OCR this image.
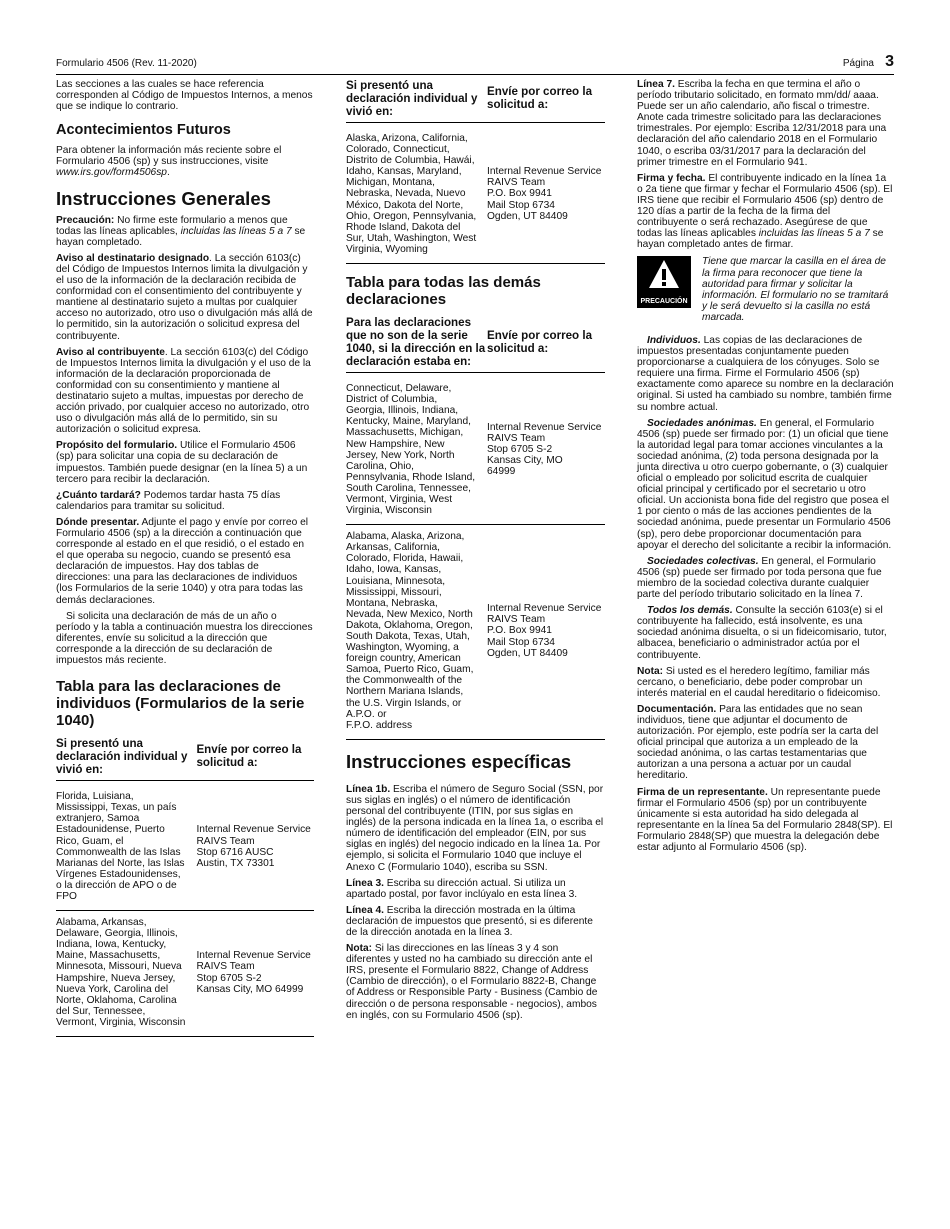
Formulario 4506 (Rev. 11-2020)	Página 3

Las secciones a las cuales se hace referencia corresponden al Código de Impuestos Internos, a menos que se indique lo contrario.

Acontecimientos Futuros

Para obtener la información más reciente sobre el Formulario 4506 (sp) y sus instrucciones, visite www.irs.gov/form4506sp.

Instrucciones Generales

Precaución: No firme este formulario a menos que todas las líneas aplicables, incluidas las líneas 5 a 7 se hayan completado.

Aviso al destinatario designado. La sección 6103(c) del Código de Impuestos Internos limita la divulgación y el uso de la información de la declaración recibida de conformidad con el consentimiento del contribuyente y mantiene al destinatario sujeto a multas por cualquier acceso no autorizado, otro uso o divulgación más allá de lo permitido, sin la autorización o solicitud expresa del contribuyente.

Aviso al contribuyente. La sección 6103(c) del Código de Impuestos Internos limita la divulgación y el uso de la información de la declaración proporcionada de conformidad con su consentimiento y mantiene al destinatario sujeto a multas, impuestas por derecho de acción privado, por cualquier acceso no autorizado, otro uso o divulgación más allá de lo permitido, sin su autorización o solicitud expresa.

Propósito del formulario. Utilice el Formulario 4506 (sp) para solicitar una copia de su declaración de impuestos. También puede designar (en la línea 5) a un tercero para recibir la declaración.

¿Cuánto tardará? Podemos tardar hasta 75 días calendarios para tramitar su solicitud.

Dónde presentar. Adjunte el pago y envíe por correo el Formulario 4506 (sp) a la dirección a continuación que corresponde al estado en el que residió, o el estado en el que operaba su negocio, cuando se presentó esa declaración de impuestos. Hay dos tablas de direcciones: una para las declaraciones de individuos (los Formularios de la serie 1040) y otra para todas las demás declaraciones.

Si solicita una declaración de más de un año o período y la tabla a continuación muestra los direcciones diferentes, envíe su solicitud a la dirección que corresponde a la dirección de su declaración de impuestos más reciente.

Tabla para las declaraciones de individuos (Formularios de la serie 1040)
Si presentó una declaración individual y vivió en:
Envíe por correo la solicitud a:
Florida, Luisiana,
Mississippi, Texas, un país
extranjero, Samoa
Estadounidense, Puerto
Rico, Guam, el
Commonwealth de las Islas
Marianas del Norte, las Islas
Vírgenes Estadounidenses,
o la dirección de APO o de
FPO
Internal Revenue Service
RAIVS Team
Stop 6716 AUSC
Austin, TX 73301
Alabama, Arkansas,
Delaware, Georgia, Illinois,
Indiana, Iowa, Kentucky,
Maine, Massachusetts,
Minnesota, Missouri, Nueva
Hampshire, Nueva Jersey,
Nueva York, Carolina del
Norte, Oklahoma, Carolina
del Sur, Tennessee,
Vermont, Virginia, Wisconsin
Internal Revenue Service
RAIVS Team
Stop 6705 S-2
Kansas City, MO 64999
Si presentó una declaración individual y vivió en:
Envíe por correo la solicitud a:
Alaska, Arizona, California,
Colorado, Connecticut,
Distrito de Columbia, Hawái,
Idaho, Kansas, Maryland,
Michigan, Montana,
Nebraska, Nevada, Nuevo
México, Dakota del Norte,
Ohio, Oregon, Pennsylvania,
Rhode Island, Dakota del
Sur, Utah, Washington, West
Virginia, Wyoming
Internal Revenue Service
RAIVS Team
P.O. Box 9941
Mail Stop 6734
Ogden, UT 84409
Tabla para todas las demás declaraciones
Para las declaraciones que no son de la serie 1040, si la dirección en la declaración estaba en:
Envíe por correo la solicitud a:
Connecticut, Delaware,
District of Columbia,
Georgia, Illinois, Indiana,
Kentucky, Maine, Maryland,
Massachusetts, Michigan,
New Hampshire, New
Jersey, New York, North
Carolina, Ohio,
Pennsylvania, Rhode Island,
South Carolina, Tennessee,
Vermont, Virginia, West
Virginia, Wisconsin
Internal Revenue Service
RAIVS Team
Stop 6705 S-2
Kansas City, MO
64999
Alabama, Alaska, Arizona,
Arkansas, California,
Colorado, Florida, Hawaii,
Idaho, Iowa, Kansas,
Louisiana, Minnesota,
Mississippi, Missouri,
Montana, Nebraska,
Nevada, New Mexico, North
Dakota, Oklahoma, Oregon,
South Dakota, Texas, Utah,
Washington, Wyoming, a
foreign country, American
Samoa, Puerto Rico, Guam,
the Commonwealth of the
Northern Mariana Islands,
the U.S. Virgin Islands, or
A.P.O. or
F.P.O. address
Internal Revenue Service
RAIVS Team
P.O. Box 9941
Mail Stop 6734
Ogden, UT 84409
Instrucciones específicas

Línea 1b. Escriba el número de Seguro Social (SSN, por sus siglas en inglés) o el número de identificación personal del contribuyente (ITIN, por sus siglas en inglés) de la persona indicada en la línea 1a, o escriba el número de identificación del empleador (EIN, por sus siglas en inglés) del negocio indicado en la línea 1a. Por ejemplo, si solicita el Formulario 1040 que incluye el Anexo C (Formulario 1040), escriba su SSN.

Línea 3. Escriba su dirección actual. Si utiliza un apartado postal, por favor inclúyalo en esta línea 3.

Línea 4. Escriba la dirección mostrada en la última declaración de impuestos que presentó, si es diferente de la dirección anotada en la línea 3.

Nota: Si las direcciones en las líneas 3 y 4 son diferentes y usted no ha cambiado su dirección ante el IRS, presente el Formulario 8822, Change of Address (Cambio de dirección), o el Formulario 8822-B, Change of Address or Responsible Party - Business (Cambio de dirección o de persona responsable - negocios), ambos en inglés, con su Formulario 4506 (sp).

Línea 7. Escriba la fecha en que termina el año o período tributario solicitado, en formato mm/dd/ aaaa. Puede ser un año calendario, año fiscal o trimestre. Anote cada trimestre solicitado para las declaraciones trimestrales. Por ejemplo: Escriba 12/31/2018 para una declaración del año calendario 2018 en el Formulario 1040, o escriba 03/31/2017 para la declaración del primer trimestre en el Formulario 941.

Firma y fecha. El contribuyente indicado en la línea 1a o 2a tiene que firmar y fechar el Formulario 4506 (sp). El IRS tiene que recibir el Formulario 4506 (sp) dentro de 120 días a partir de la fecha de la firma del contribuyente o será rechazado. Asegúrese de que todas las líneas aplicables incluidas las líneas 5 a 7 se hayan completado antes de firmar.

PRECAUCIÓN
Tiene que marcar la casilla en el área de la firma para reconocer que tiene la autoridad para firmar y solicitar la información. El formulario no se tramitará y le será devuelto si la casilla no está marcada.

Individuos. Las copias de las declaraciones de impuestos presentadas conjuntamente pueden proporcionarse a cualquiera de los cónyuges. Solo se requiere una firma. Firme el Formulario 4506 (sp) exactamente como aparece su nombre en la declaración original. Si usted ha cambiado su nombre, también firme su nombre actual.

Sociedades anónimas. En general, el Formulario 4506 (sp) puede ser firmado por: (1) un oficial que tiene la autoridad legal para tomar acciones vinculantes a la sociedad anónima, (2) toda persona designada por la junta directiva u otro cuerpo gobernante, o (3) cualquier oficial o empleado por solicitud escrita de cualquier oficial principal y certificado por el secretario u otro oficial. Un accionista bona fide del registro que posea el 1 por ciento o más de las acciones pendientes de la sociedad anónima, puede presentar un Formulario 4506 (sp), pero debe proporcionar documentación para apoyar el derecho del solicitante a recibir la información.

Sociedades colectivas. En general, el Formulario 4506 (sp) puede ser firmado por toda persona que fue miembro de la sociedad colectiva durante cualquier parte del período tributario solicitado en la línea 7.

Todos los demás. Consulte la sección 6103(e) si el contribuyente ha fallecido, está insolvente, es una sociedad anónima disuelta, o si un fideicomisario, tutor, albacea, beneficiario o administrador actúa por el contribuyente.

Nota: Si usted es el heredero legítimo, familiar más cercano, o beneficiario, debe poder comprobar un interés material en el caudal hereditario o fideicomiso.

Documentación. Para las entidades que no sean individuos, tiene que adjuntar el documento de autorización. Por ejemplo, este podría ser la carta del oficial principal que autoriza a un empleado de la sociedad anónima, o las cartas testamentarias que autorizan a una persona a actuar por un caudal hereditario.

Firma de un representante. Un representante puede firmar el Formulario 4506 (sp) por un contribuyente únicamente si esta autoridad ha sido delegada al representante en la línea 5a del Formulario 2848(SP). El Formulario 2848(SP) que muestra la delegación debe estar adjunto al Formulario 4506 (sp).
